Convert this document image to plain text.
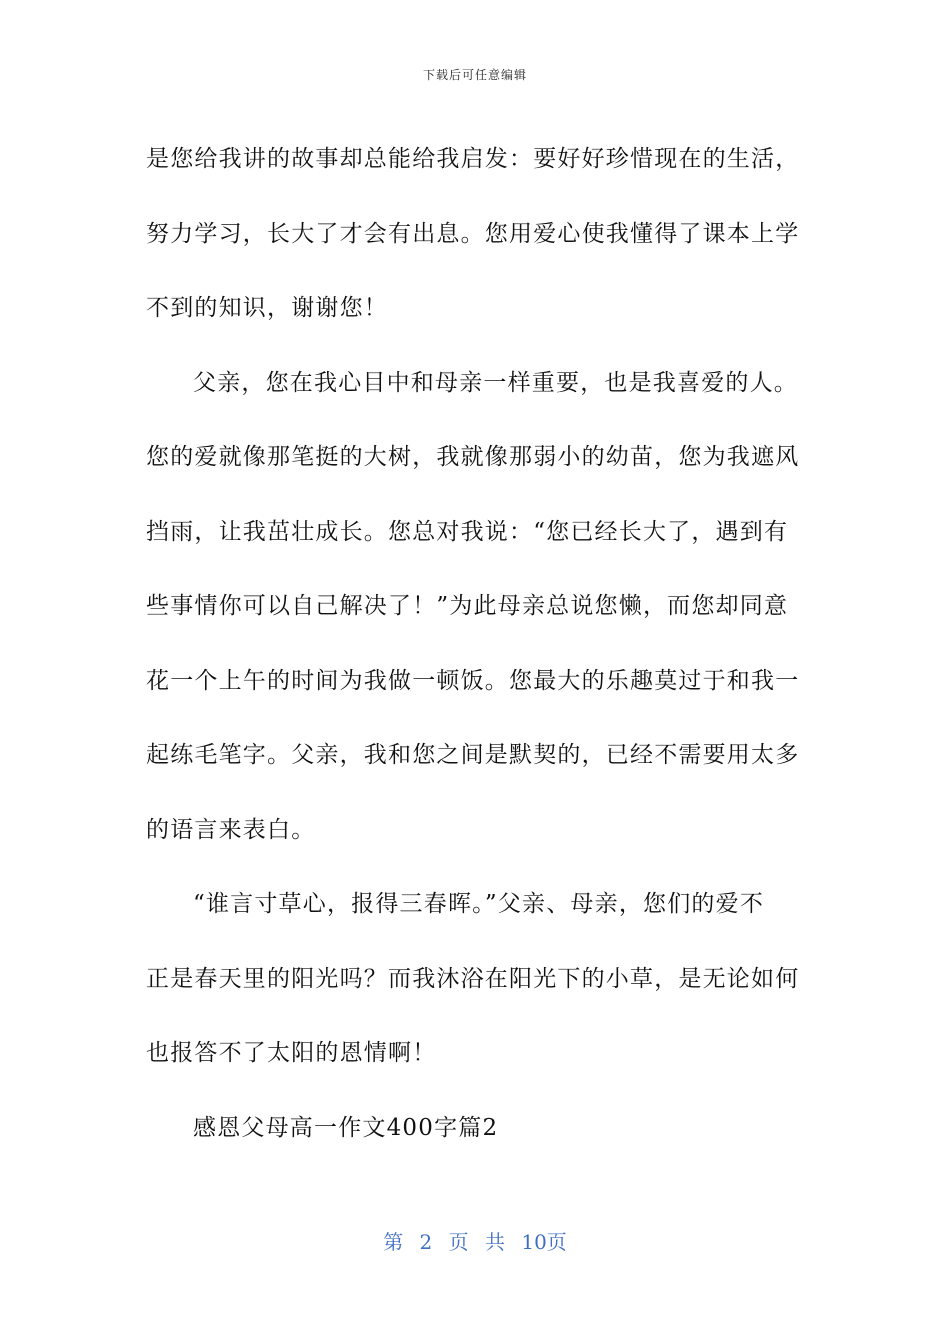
下载后可任意编辑
是您给我讲的故事却总能给我启发：要好好珍惜现在的生活，
努力学习，长大了才会有出息。您用爱心使我懂得了课本上学
不到的知识，谢谢您！
父亲，您在我心目中和母亲一样重要，也是我喜爱的人。
您的爱就像那笔挺的大树，我就像那弱小的幼苗，您为我遮风
挡雨，让我茁壮成长。您总对我说：“您已经长大了，遇到有
些事情你可以自己解决了！”为此母亲总说您懒，而您却同意
花一个上午的时间为我做一顿饭。您最大的乐趣莫过于和我一
起练毛笔字。父亲，我和您之间是默契的，已经不需要用太多
的语言来表白。
“谁言寸草心，报得三春晖。”父亲、母亲，您们的爱不
正是春天里的阳光吗？而我沐浴在阳光下的小草，是无论如何
也报答不了太阳的恩情啊！
感恩父母高一作文400字篇2
第 2 页 共 10页
